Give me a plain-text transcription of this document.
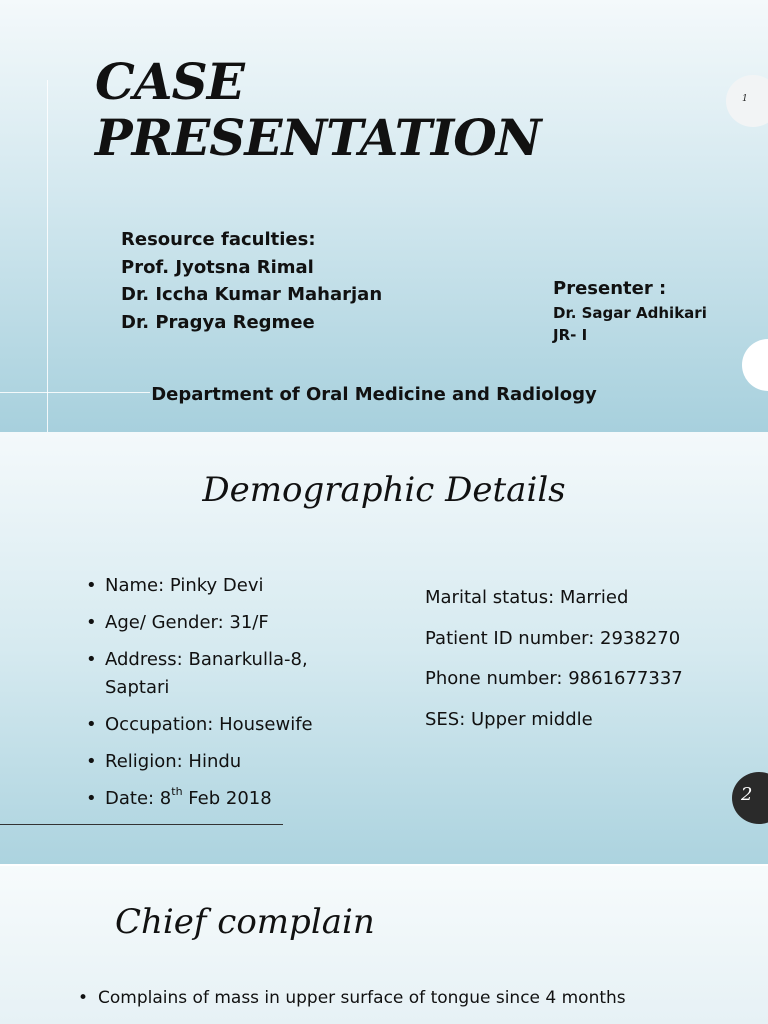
CASE
PRESENTATION
1
Resource faculties:
Prof. Jyotsna Rimal
Dr. Iccha Kumar Maharjan
Dr. Pragya Regmee
Presenter :
Dr. Sagar Adhikari
JR- I
Department of Oral Medicine and Radiology
Demographic Details
• Name: Pinky Devi
• Age/ Gender: 31/F
• Address: Banarkulla-8, Saptari
• Occupation: Housewife
• Religion: Hindu
• Date: 8th Feb 2018
Marital status: Married
Patient ID number: 2938270
Phone number: 9861677337
SES: Upper middle
2
Chief complain
• Complains of mass in upper surface of tongue since 4 months
